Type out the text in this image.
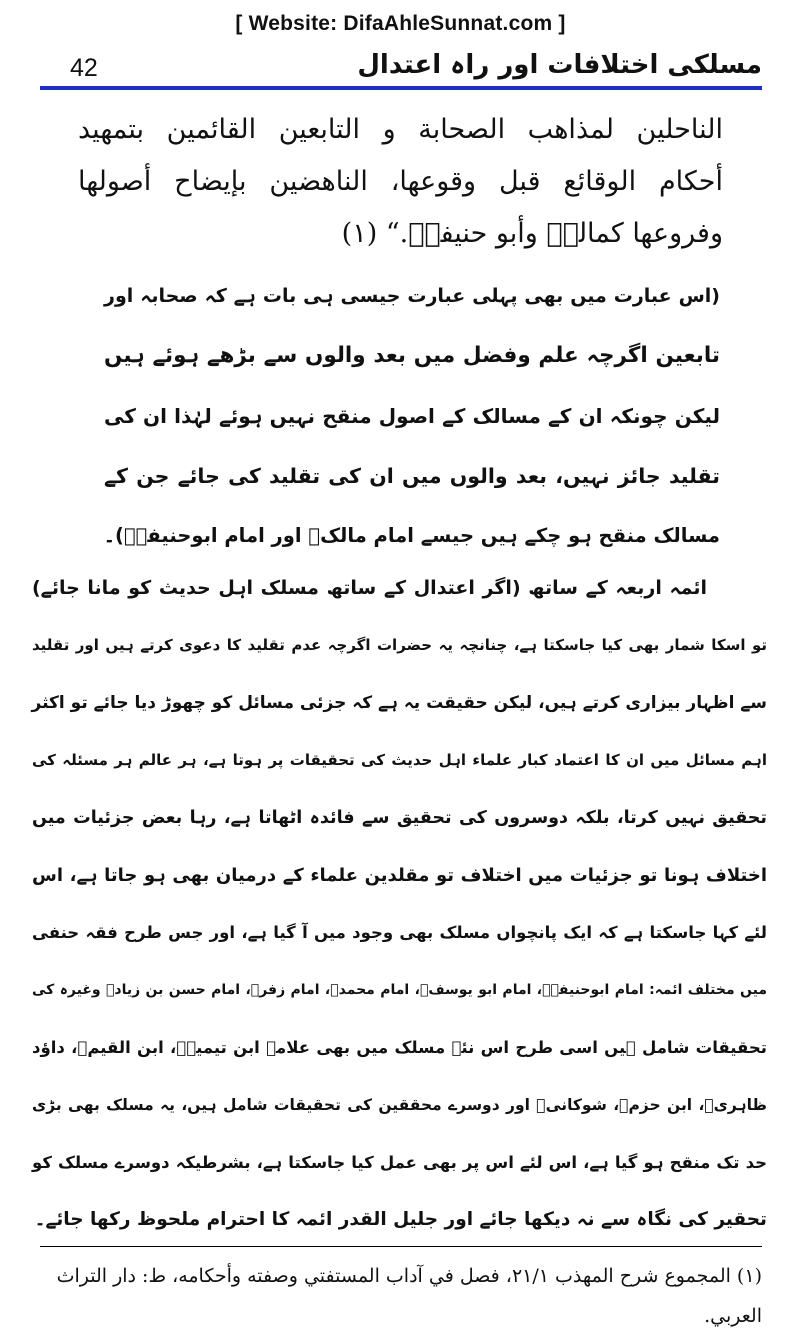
[ Website: DifaAhleSunnat.com ]
42	مسلکی اختلافات اور راہ اعتدال
الناحلين لمذاهب الصحابة و التابعين القائمين بتمهيد
أحكام الوقائع قبل وقوعها، الناهضين بإيضاح أصولها
وفروعها كمالكؒ وأبو حنيفةؒ.“ (۱)
(اس عبارت میں بھی پہلی عبارت جیسی ہی بات ہے کہ صحابہ اور
تابعین اگرچہ علم وفضل میں بعد والوں سے بڑھے ہوئے ہیں
لیکن چونکہ ان کے مسالک کے اصول منقح نہیں ہوئے لہٰذا ان کی
تقلید جائز نہیں، بعد والوں میں ان کی تقلید کی جائے جن کے
مسالک منقح ہو چکے ہیں جیسے امام مالکؒ اور امام ابوحنیفہؒ)۔
ائمہ اربعہ کے ساتھ (اگر اعتدال کے ساتھ مسلک اہل حدیث کو مانا جائے)
تو اسکا شمار بھی کیا جاسکتا ہے، چنانچہ یہ حضرات اگرچہ عدم تقلید کا دعوی کرتے ہیں اور تقلید
سے اظہار بیزاری کرتے ہیں، لیکن حقیقت یہ ہے کہ جزئی مسائل کو چھوڑ دیا جائے تو اکثر
اہم مسائل میں ان کا اعتماد کبار علماء اہل حدیث کی تحقیقات پر ہوتا ہے، ہر عالم ہر مسئلہ کی
تحقیق نہیں کرتا، بلکہ دوسروں کی تحقیق سے فائدہ اٹھاتا ہے، رہا بعض جزئیات میں
اختلاف ہونا تو جزئیات میں اختلاف تو مقلدین علماء کے درمیان بھی ہو جاتا ہے، اس
لئے کہا جاسکتا ہے کہ ایک پانچواں مسلک بھی وجود میں آ گیا ہے، اور جس طرح فقہ حنفی
میں مختلف ائمہ: امام ابوحنیفہؒ، امام ابو یوسفؒ، امام محمدؒ، امام زفرؒ، امام حسن بن زیادؒ وغیرہ کی
تحقیقات شامل ہیں اسی طرح اس نئے مسلک میں بھی علامہ ابن تیمیہؒ، ابن القیمؒ، داؤد
ظاہریؒ، ابن حزمؒ، شوکانیؒ اور دوسرے محققین کی تحقیقات شامل ہیں، یہ مسلک بھی بڑی
حد تک منقح ہو گیا ہے، اس لئے اس پر بھی عمل کیا جاسکتا ہے، بشرطیکہ دوسرے مسلک کو
تحقیر کی نگاہ سے نہ دیکھا جائے اور جلیل القدر ائمہ کا احترام ملحوظ رکھا جائے۔
(۱) المجموع شرح المهذب ۲۱/۱، فصل في آداب المستفتي وصفته وأحكامه، ط: دار التراث
العربي.
